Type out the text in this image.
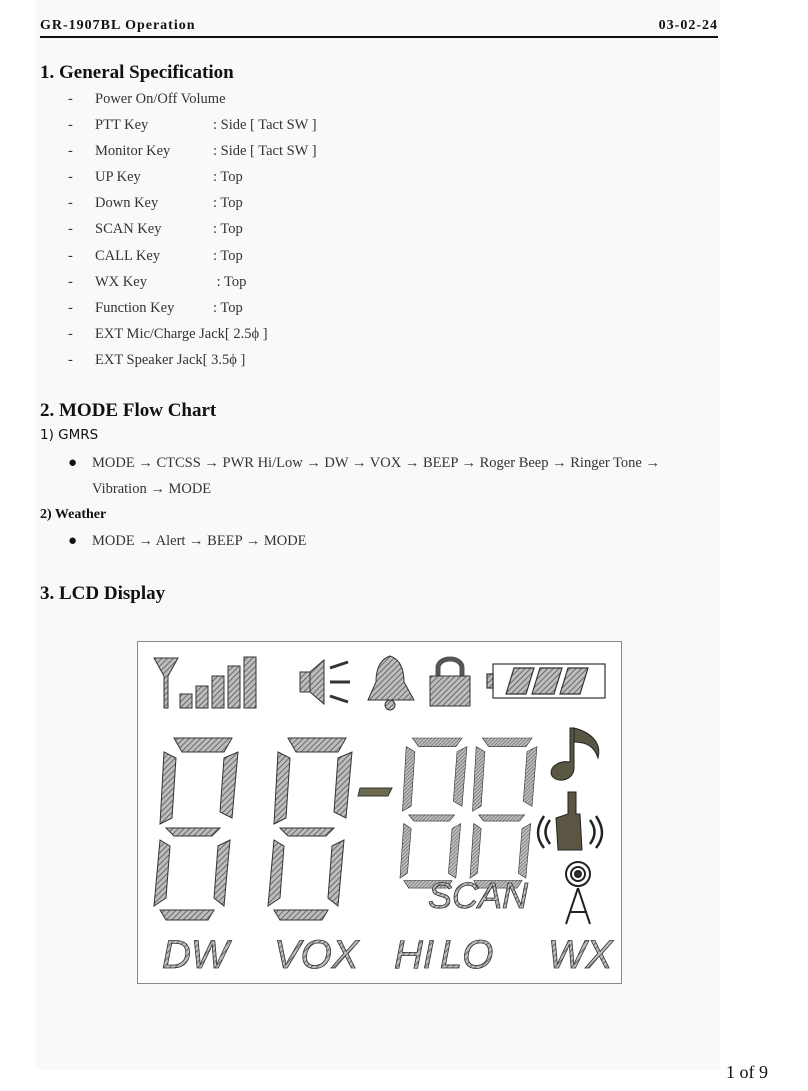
GR-1907BL Operation	03-02-24
1. General Specification
- Power On/Off Volume
- PTT Key	: Side [ Tact SW ]
- Monitor Key	: Side [ Tact SW ]
- UP Key	: Top
- Down Key	: Top
- SCAN Key	: Top
- CALL Key	: Top
- WX Key	: Top
- Function Key	: Top
- EXT Mic/Charge Jack[ 2.5ϕ ]
- EXT Speaker Jack[ 3.5ϕ ]
2. MODE Flow Chart
1) GMRS
● MODE → CTCSS → PWR Hi/Low → DW → VOX → BEEP → Roger Beep → Ringer Tone →
Vibration → MODE
2) Weather
● MODE → Alert → BEEP → MODE
3. LCD Display
SCAN
DW VOX HI LO WX
1 of 9
